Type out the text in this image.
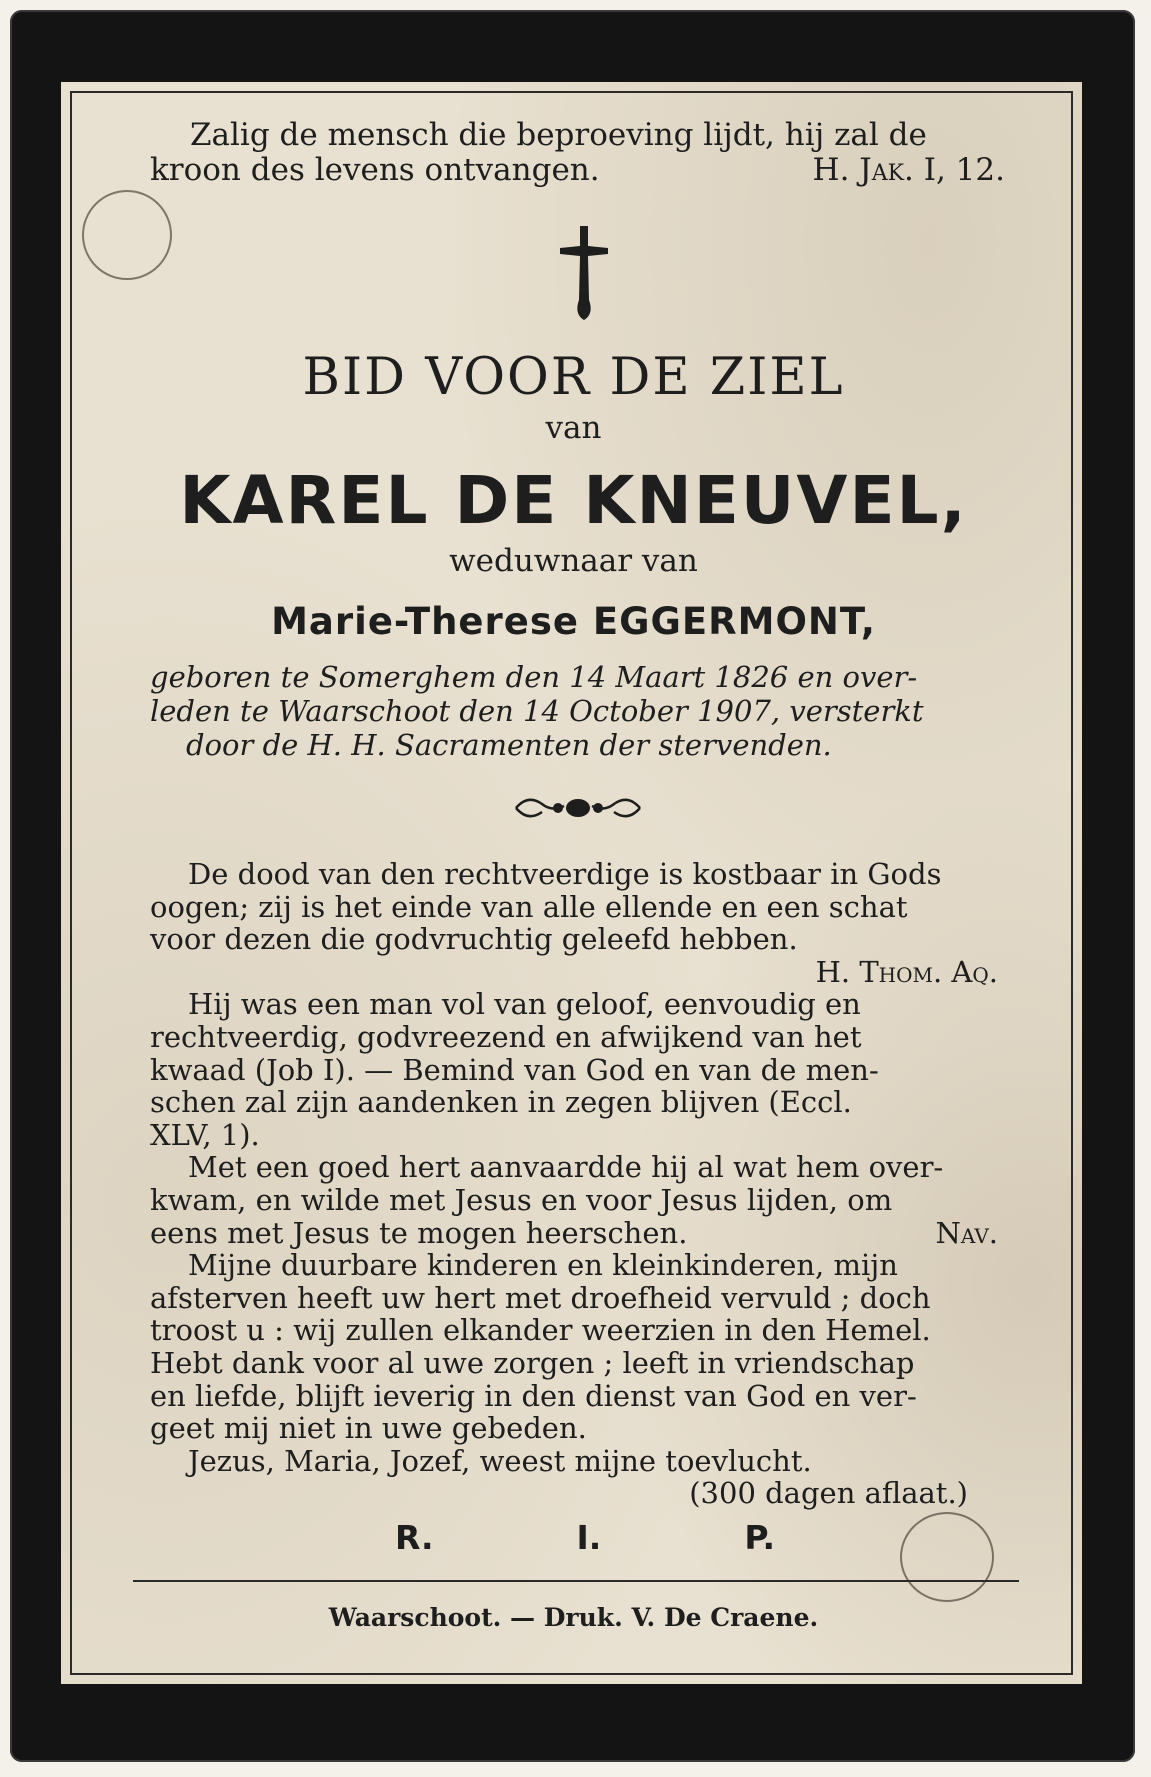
Zalig de mensch die beproeving lijdt, hij zal de
kroon des levens ontvangen.	H. Jak. I, 12.
BID VOOR DE ZIEL
van
KAREL DE KNEUVEL,
weduwnaar van
Marie-Therese EGGERMONT,
geboren te Somerghem den 14 Maart 1826 en over-
leden te Waarschoot den 14 October 1907, versterkt
door de H. H. Sacramenten der stervenden.

De dood van den rechtveerdige is kostbaar in Gods

oogen; zij is het einde van alle ellende en een schat

voor dezen die godvruchtig geleefd hebben.

H. Thom. Aq.

Hij was een man vol van geloof, eenvoudig en

rechtveerdig, godvreezend en afwijkend van het

kwaad (Job I). — Bemind van God en van de men-

schen zal zijn aandenken in zegen blijven (Eccl.

XLV, 1).

Met een goed hert aanvaardde hij al wat hem over-

kwam, en wilde met Jesus en voor Jesus lijden, om

eens met Jesus te mogen heerschen.	Nav.

Mijne duurbare kinderen en kleinkinderen, mijn

afsterven heeft uw hert met droefheid vervuld ; doch

troost u : wij zullen elkander weerzien in den Hemel.

Hebt dank voor al uwe zorgen ; leeft in vriendschap

en liefde, blijft ieverig in den dienst van God en ver-

geet mij niet in uwe gebeden.

Jezus, Maria, Jozef, weest mijne toevlucht.

(300 dagen aflaat.)

R.	I.	P.
Waarschoot. — Druk. V. De Craene.
